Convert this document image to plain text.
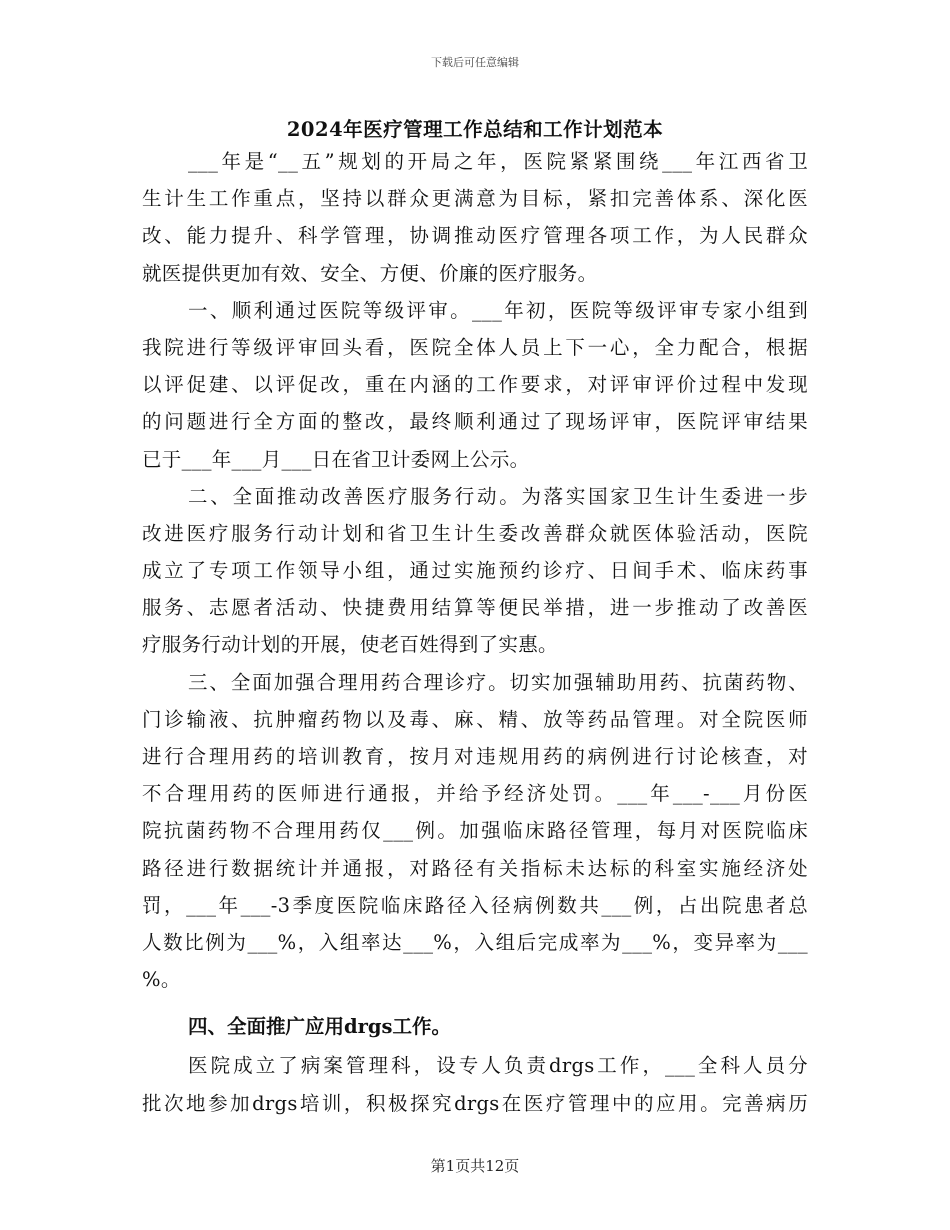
下载后可任意编辑
2024年医疗管理工作总结和工作计划范本
___年是“__五”规划的开局之年，医院紧紧围绕___年江西省卫
生计生工作重点，坚持以群众更满意为目标，紧扣完善体系、深化医
改、能力提升、科学管理，协调推动医疗管理各项工作，为人民群众
就医提供更加有效、安全、方便、价廉的医疗服务。
一、顺利通过医院等级评审。___年初，医院等级评审专家小组到
我院进行等级评审回头看，医院全体人员上下一心，全力配合，根据
以评促建、以评促改，重在内涵的工作要求，对评审评价过程中发现
的问题进行全方面的整改，最终顺利通过了现场评审，医院评审结果
已于___年___月___日在省卫计委网上公示。
二、全面推动改善医疗服务行动。为落实国家卫生计生委进一步
改进医疗服务行动计划和省卫生计生委改善群众就医体验活动，医院
成立了专项工作领导小组，通过实施预约诊疗、日间手术、临床药事
服务、志愿者活动、快捷费用结算等便民举措，进一步推动了改善医
疗服务行动计划的开展，使老百姓得到了实惠。
三、全面加强合理用药合理诊疗。切实加强辅助用药、抗菌药物、
门诊输液、抗肿瘤药物以及毒、麻、精、放等药品管理。对全院医师
进行合理用药的培训教育，按月对违规用药的病例进行讨论核查，对
不合理用药的医师进行通报，并给予经济处罚。___年___-___月份医
院抗菌药物不合理用药仅___例。加强临床路径管理，每月对医院临床
路径进行数据统计并通报，对路径有关指标未达标的科室实施经济处
罚，___年___-3季度医院临床路径入径病例数共___例，占出院患者总
人数比例为___%，入组率达___%，入组后完成率为___%，变异率为___
%。
四、全面推广应用drgs工作。
医院成立了病案管理科，设专人负责drgs工作，___全科人员分
批次地参加drgs培训，积极探究drgs在医疗管理中的应用。完善病历
第1页共12页
